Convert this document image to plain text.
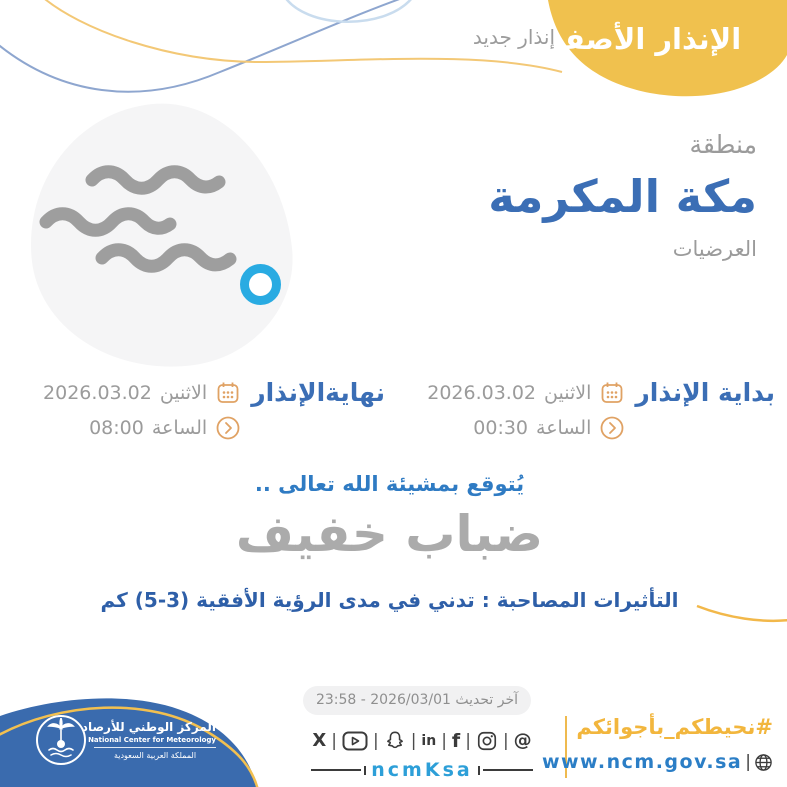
الإنذار الأصفر
إنذار جديد
منطقة
مكة المكرمة
العرضيات
بداية الإنذار
الاثنين
2026.03.02
الساعة
00:30
نهايةالإنذار
الاثنين
2026.03.02
الساعة
08:00
يُتوقع بمشيئة الله تعالى ..
ضباب خفيف
التأثيرات المصاحبة : تدني في مدى الرؤية الأفقية (3-5) كم
آخر تحديث 2026/03/01 - 23:58
المركز الوطني للأرصاد
National Center for Meteorology
المملكة العربية السعودية
X | | |	in | f | |	@
ncmKsa
#نحيطكم_بأجوائكم
www.ncm.gov.sa
|
